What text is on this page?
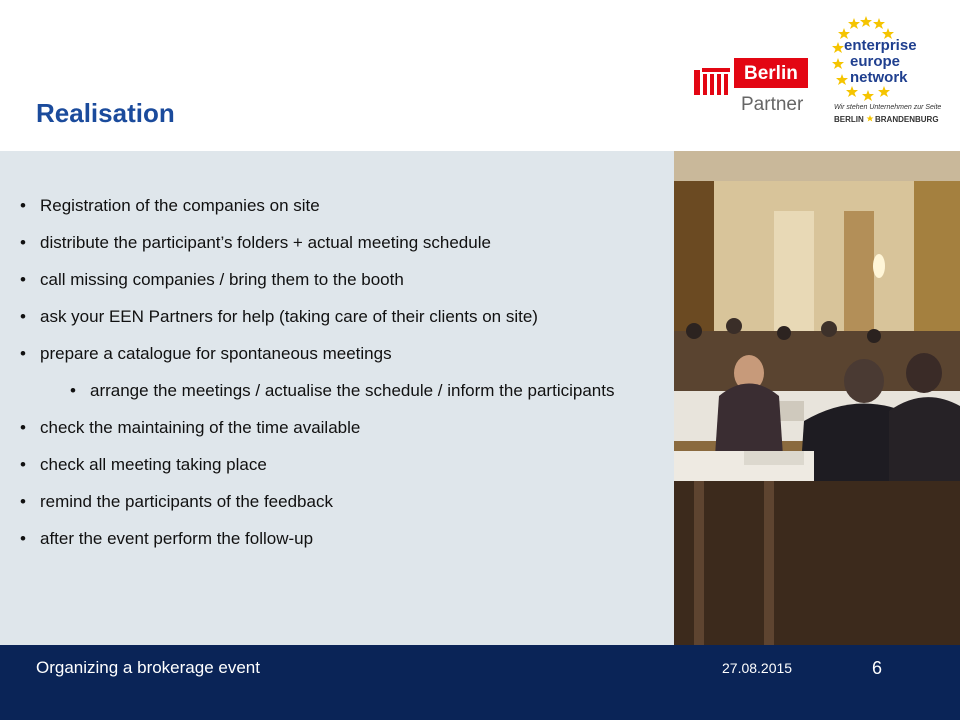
Realisation
Berlin
Partner
enterprise
europe
network
Wir stehen Unternehmen zur Seite
BERLIN BRANDENBURG
• Registration of the companies on site
• distribute the participant’s folders + actual meeting schedule
• call missing companies / bring them to the booth
• ask your EEN Partners for help (taking care of their clients on site)
• prepare a catalogue for spontaneous meetings
• arrange the meetings / actualise the schedule / inform the participants
• check the maintaining of the time available
• check all meeting taking place
• remind the participants of the feedback
• after the event perform the follow-up
Organizing a brokerage event	27.08.2015	6
